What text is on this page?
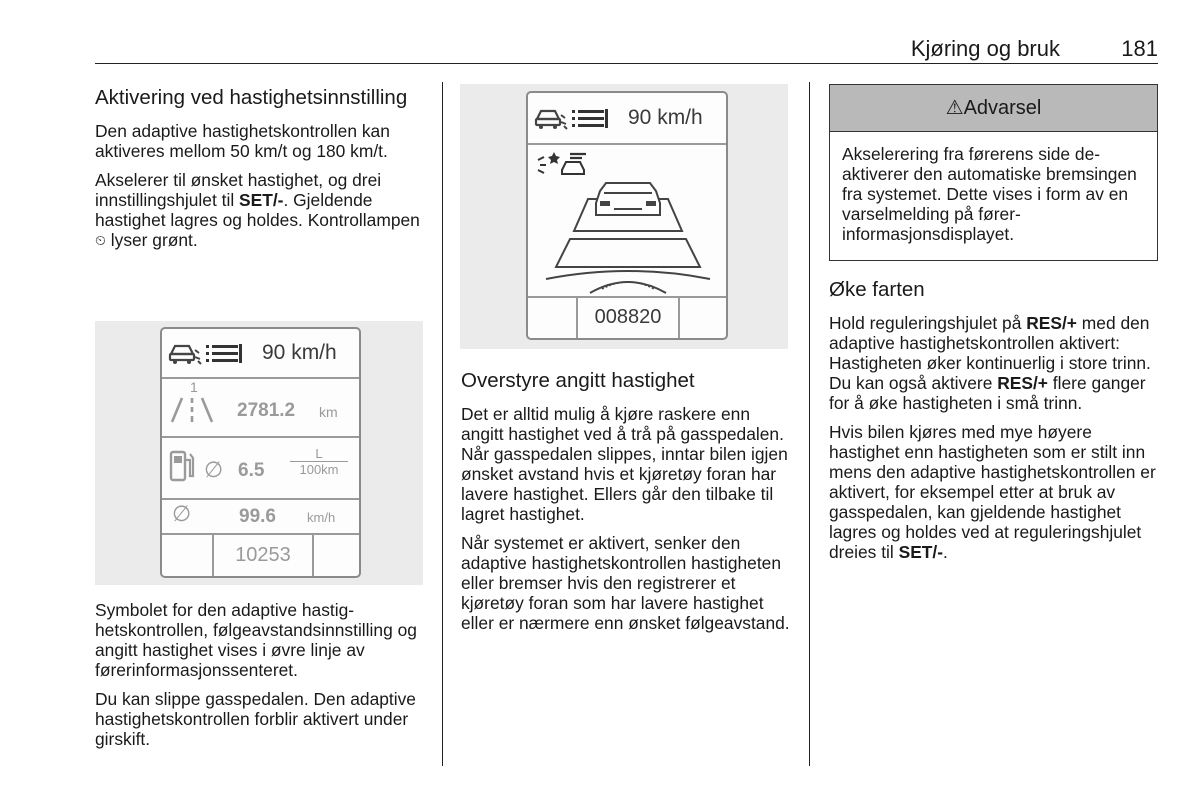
Kjøring og bruk	181
Aktivering ved hastighetsinnstilling

Den adaptive hastighetskontrollen kan aktiveres mellom 50 km/t og 180 km/t.

Akselerer til ønsket hastighet, og drei innstillingshjulet til SET/-. Gjeldende hastighet lagres og holdes. Kontrollampen ⏲ lyser grønt.

90 km/h
1
2781.2 km
∅ $6.5 \frac{L}{100km}$
∅	99.6 km/h
10253

Symbolet for den adaptive hastighetskontrollen, følgeavstandsinnstilling og angitt hastighet vises i øvre linje av førerinformasjonssenteret.

Du kan slippe gasspedalen. Den adaptive hastighetskontrollen forblir aktivert under girskift.

90 km/h
008820
Overstyre angitt hastighet

Det er alltid mulig å kjøre raskere enn angitt hastighet ved å trå på gasspedalen. Når gasspedalen slippes, inntar bilen igjen ønsket avstand hvis et kjøretøy foran har lavere hastighet. Ellers går den tilbake til lagret hastighet.

Når systemet er aktivert, senker den adaptive hastighetskontrollen hastigheten eller bremser hvis den registrerer et kjøretøy foran som har lavere hastighet eller er nærmere enn ønsket følgeavstand.

⚠Advarsel
Akselerering fra førerens side deaktiverer den automatiske bremsingen fra systemet. Dette vises i form av en varselmelding på førerinformasjonsdisplayet.
Øke farten

Hold reguleringshjulet på RES/+ med den adaptive hastighetskontrollen aktivert: Hastigheten øker kontinuerlig i store trinn. Du kan også aktivere RES/+ flere ganger for å øke hastigheten i små trinn.

Hvis bilen kjøres med mye høyere hastighet enn hastigheten som er stilt inn mens den adaptive hastighetskontrollen er aktivert, for eksempel etter at bruk av gasspedalen, kan gjeldende hastighet lagres og holdes ved at reguleringshjulet dreies til SET/-.
